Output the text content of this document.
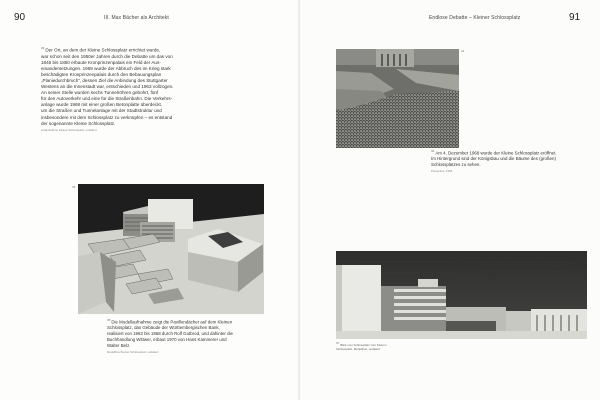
90	III. Max Bächer als Architekt

$^{33}$Der Ort, an dem der Kleine Schlossplatz errichtet wurde,

war schon seit den 1950er Jahren durch die Debatte um das von

1846 bis 1850 erbaute Kronprinzenpalais ein Feld der Aus-

einandersetzungen. 1959 wurde der Abbruch des im Krieg stark

beschädigten Kronprinzenpalais durch den Bebauungsplan

„Planiedurchbruch“, dessen Ziel die Anbindung des Stuttgarter

Westens an die Innenstadt war, entschieden und 1963 vollzogen.

An seiner Stelle wurden sechs Tunnelröhren gebohrt, fünf

für den Autoverkehr und eine für die Straßenbahn. Die Verkehrs-

anlage wurde 1968 mit einer großen Betonplatte überdeckt,

um die Straßen und Tunnelanlage mit der Stadtstruktur und

insbesondere mit dem Schlossplatz zu verknüpfen – es entstand

der sogenannte Kleine Schlossplatz.

Luftaufnahme Kleiner Schlossplatz, undatiert.

35

$^{35}$Die Modellaufnahme zeigt die Pavillondächer auf dem Kleinen

Schlossplatz, das Gebäude der Württembergischen Bank,

realisiert von 1963 bis 1968 durch Rolf Gutbrod, und dahinter die

Buchhandlung Wittwer, erbaut 1970 von Hans Kammerer und

Walter Belz.

Modellfoto Kleiner Schlossplatz, undatiert.

Endlose Debatte – Kleiner Schlossplatz	91
34

$^{34}$Am 4. Dezember 1968 wurde der Kleine Schlossplatz eröffnet.

Im Hintergrund sind der Königsbau und die Bäume des (großen)

Schlossplatzes zu sehen.

Pressefoto, 1968.

37Blick vom Schlossplatz zum Kleinen

Schlossplatz, Modellfoto, undatiert.
